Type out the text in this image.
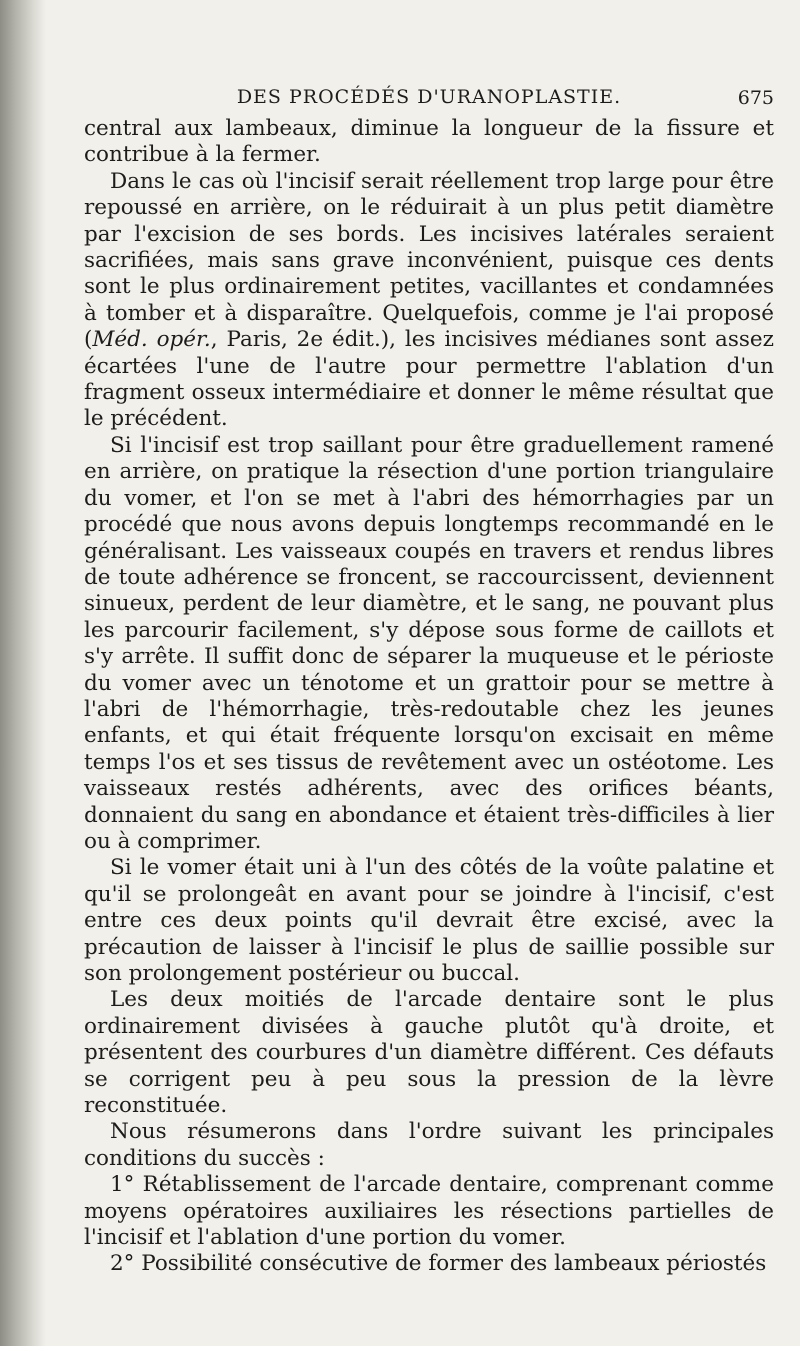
DES PROCÉDÉS D'URANOPLASTIE.	675

central aux lambeaux, diminue la longueur de la fissure et contribue à la fermer.

Dans le cas où l'incisif serait réellement trop large pour être repoussé en arrière, on le réduirait à un plus petit diamètre par l'excision de ses bords. Les incisives latérales seraient sacrifiées, mais sans grave inconvénient, puisque ces dents sont le plus ordinairement petites, vacillantes et condamnées à tomber et à disparaître. Quelquefois, comme je l'ai proposé (Méd. opér., Paris, 2e édit.), les incisives médianes sont assez écartées l'une de l'autre pour permettre l'ablation d'un fragment osseux intermédiaire et donner le même résultat que le précédent.

Si l'incisif est trop saillant pour être graduellement ramené en arrière, on pratique la résection d'une portion triangulaire du vomer, et l'on se met à l'abri des hémorrhagies par un procédé que nous avons depuis longtemps recommandé en le généralisant. Les vaisseaux coupés en travers et rendus libres de toute adhérence se froncent, se raccourcissent, deviennent sinueux, perdent de leur diamètre, et le sang, ne pouvant plus les parcourir facilement, s'y dépose sous forme de caillots et s'y arrête. Il suffit donc de séparer la muqueuse et le périoste du vomer avec un ténotome et un grattoir pour se mettre à l'abri de l'hémorrhagie, très-redoutable chez les jeunes enfants, et qui était fréquente lorsqu'on excisait en même temps l'os et ses tissus de revêtement avec un ostéotome. Les vaisseaux restés adhérents, avec des orifices béants, donnaient du sang en abondance et étaient très-difficiles à lier ou à comprimer.

Si le vomer était uni à l'un des côtés de la voûte palatine et qu'il se prolongeât en avant pour se joindre à l'incisif, c'est entre ces deux points qu'il devrait être excisé, avec la précaution de laisser à l'incisif le plus de saillie possible sur son prolongement postérieur ou buccal.

Les deux moitiés de l'arcade dentaire sont le plus ordinairement divisées à gauche plutôt qu'à droite, et présentent des courbures d'un diamètre différent. Ces défauts se corrigent peu à peu sous la pression de la lèvre reconstituée.

Nous résumerons dans l'ordre suivant les principales conditions du succès :

1° Rétablissement de l'arcade dentaire, comprenant comme moyens opératoires auxiliaires les résections partielles de l'incisif et l'ablation d'une portion du vomer.

2° Possibilité consécutive de former des lambeaux périostés
